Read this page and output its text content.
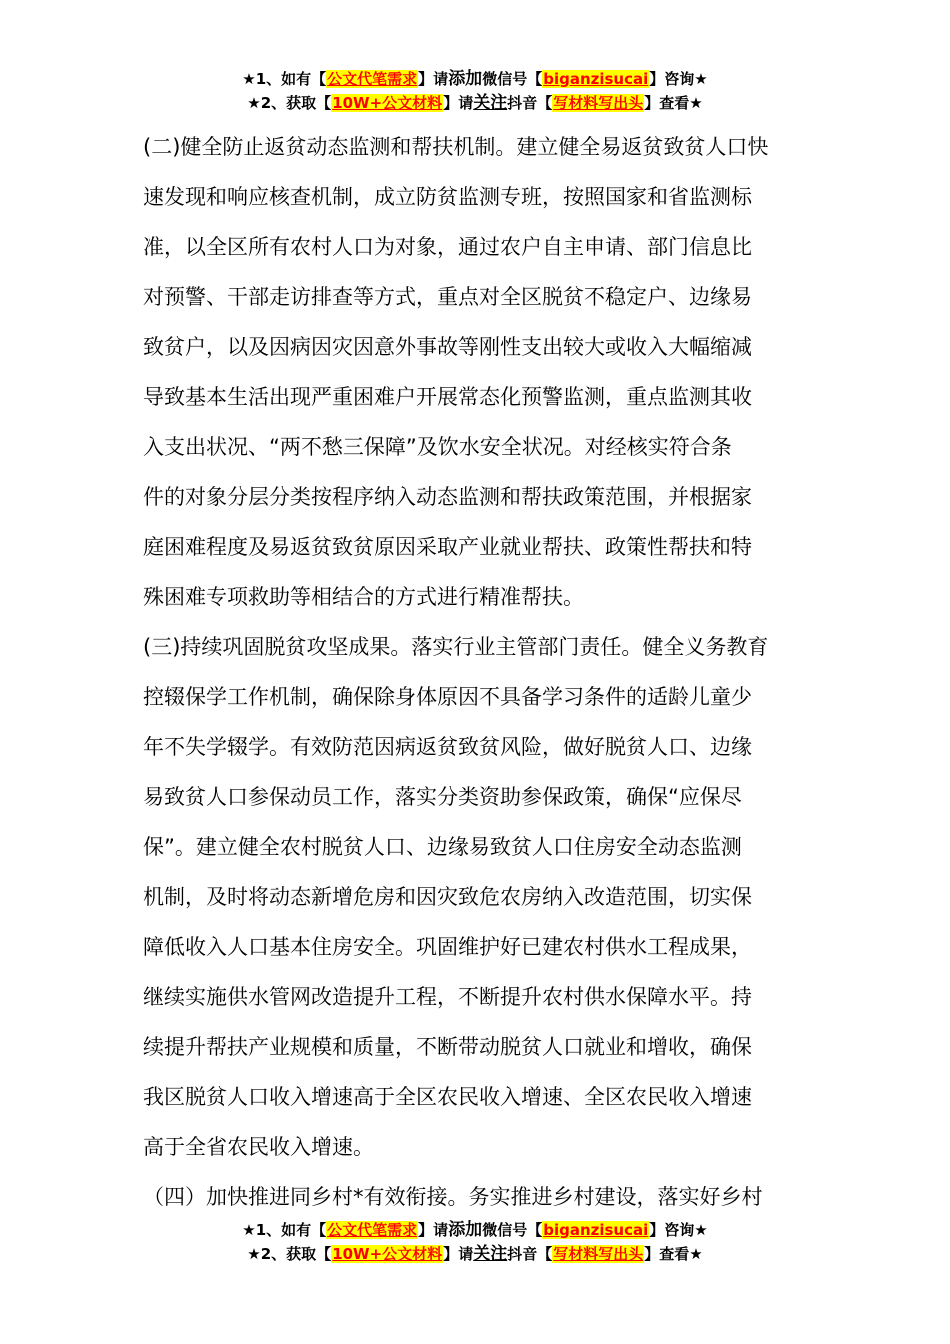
★1、如有【公文代笔需求】请添加微信号【biganzisucai】咨询★
★2、获取【10W+公文材料】请关注抖音【写材料写出头】查看★

(二)健全防止返贫动态监测和帮扶机制。建立健全易返贫致贫人口快
速发现和响应核查机制，成立防贫监测专班，按照国家和省监测标
准，以全区所有农村人口为对象，通过农户自主申请、部门信息比
对预警、干部走访排查等方式，重点对全区脱贫不稳定户、边缘易
致贫户，以及因病因灾因意外事故等刚性支出较大或收入大幅缩减
导致基本生活出现严重困难户开展常态化预警监测，重点监测其收
入支出状况、“两不愁三保障”及饮水安全状况。对经核实符合条
件的对象分层分类按程序纳入动态监测和帮扶政策范围，并根据家
庭困难程度及易返贫致贫原因采取产业就业帮扶、政策性帮扶和特
殊困难专项救助等相结合的方式进行精准帮扶。

(三)持续巩固脱贫攻坚成果。落实行业主管部门责任。健全义务教育
控辍保学工作机制，确保除身体原因不具备学习条件的适龄儿童少
年不失学辍学。有效防范因病返贫致贫风险，做好脱贫人口、边缘
易致贫人口参保动员工作，落实分类资助参保政策，确保“应保尽
保”。建立健全农村脱贫人口、边缘易致贫人口住房安全动态监测
机制，及时将动态新增危房和因灾致危农房纳入改造范围，切实保
障低收入人口基本住房安全。巩固维护好已建农村供水工程成果，
继续实施供水管网改造提升工程，不断提升农村供水保障水平。持
续提升帮扶产业规模和质量，不断带动脱贫人口就业和增收，确保
我区脱贫人口收入增速高于全区农民收入增速、全区农民收入增速
高于全省农民收入增速。

（四）加快推进同乡村*有效衔接。务实推进乡村建设，落实好乡村

★1、如有【公文代笔需求】请添加微信号【biganzisucai】咨询★
★2、获取【10W+公文材料】请关注抖音【写材料写出头】查看★
